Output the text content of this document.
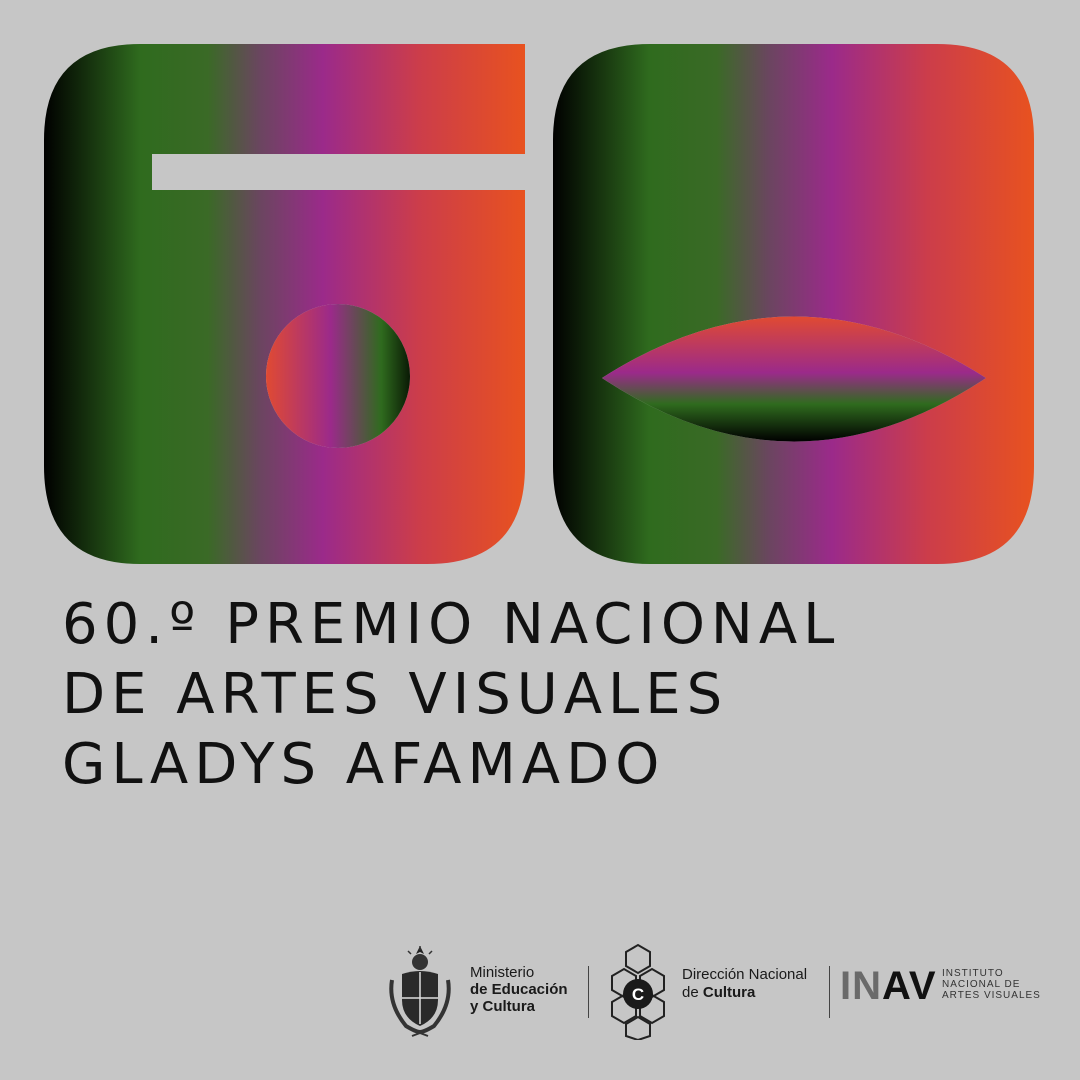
60.º PREMIO NACIONAL
DE ARTES VISUALES
GLADYS AFAMADO
Ministerio
de Educación
y Cultura
C
Dirección Nacional
de Cultura	INAV INSTITUTO
NACIONAL DE
ARTES VISUALES
